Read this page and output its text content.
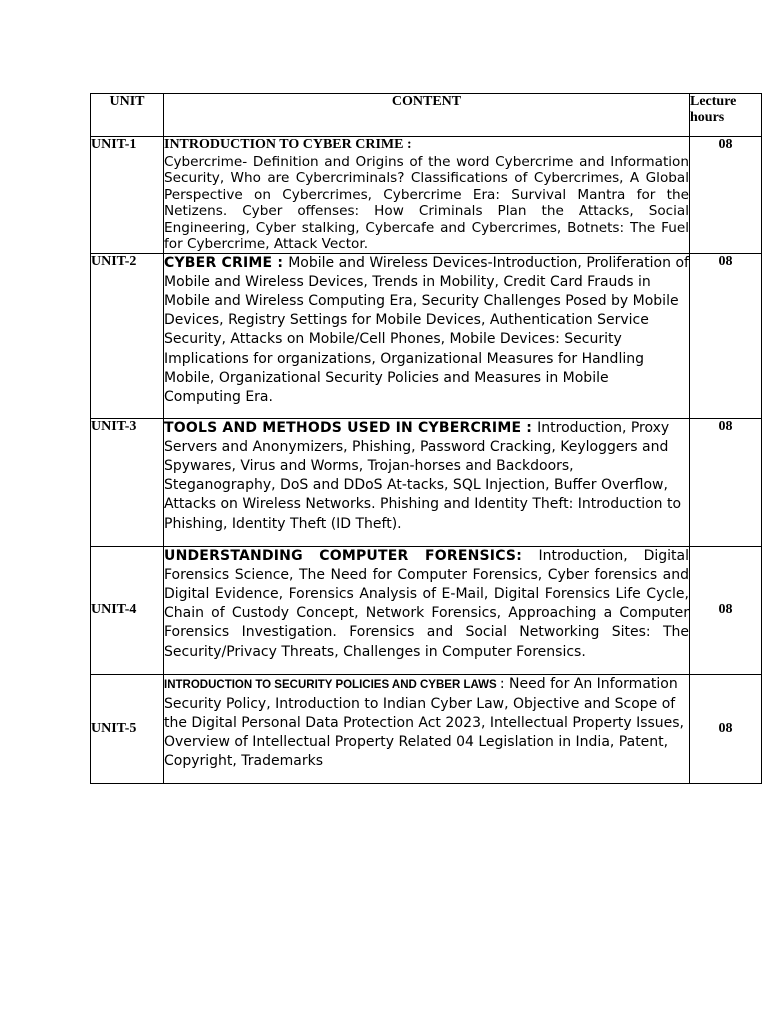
UNIT	CONTENT	Lecture
hours

UNIT-1	INTRODUCTION TO CYBER CRIME :
Cybercrime- Definition and Origins of the word Cybercrime and Information Security, Who are Cybercriminals? Classifications of Cybercrimes, A Global Perspective on Cybercrimes, Cybercrime Era: Survival Mantra for the Netizens. Cyber offenses: How Criminals Plan the Attacks, Social Engineering, Cyber stalking, Cybercafe and Cybercrimes, Botnets: The Fuel for Cybercrime, Attack Vector.	08
UNIT-2	CYBER CRIME : Mobile and Wireless Devices-Introduction, Proliferation of Mobile and Wireless Devices, Trends in Mobility, Credit Card Frauds in Mobile and Wireless Computing Era, Security Challenges Posed by Mobile Devices, Registry Settings for Mobile Devices, Authentication Service Security, Attacks on Mobile/Cell Phones, Mobile Devices: Security Implications for organizations, Organizational Measures for Handling Mobile, Organizational Security Policies and Measures in Mobile Computing Era.	08
UNIT-3	TOOLS AND METHODS USED IN CYBERCRIME : Introduction, Proxy Servers and Anonymizers, Phishing, Password Cracking, Keyloggers and Spywares, Virus and Worms, Trojan-horses and Backdoors, Steganography, DoS and DDoS At-tacks, SQL Injection, Buffer Overflow, Attacks on Wireless Networks. Phishing and Identity Theft: Introduction to Phishing, Identity Theft (ID Theft).	08
UNIT-4	UNDERSTANDING COMPUTER FORENSICS: Introduction, Digital Forensics Science, The Need for Computer Forensics, Cyber forensics and Digital Evidence, Forensics Analysis of E-Mail, Digital Forensics Life Cycle, Chain of Custody Concept, Network Forensics, Approaching a Computer Forensics Investigation. Forensics and Social Networking Sites: The Security/Privacy Threats, Challenges in Computer Forensics.	08
UNIT-5	INTRODUCTION TO SECURITY POLICIES AND CYBER LAWS : Need for An Information Security Policy, Introduction to Indian Cyber Law, Objective and Scope of the Digital Personal Data Protection Act 2023, Intellectual Property Issues, Overview of Intellectual Property Related 04 Legislation in India, Patent, Copyright, Trademarks	08
